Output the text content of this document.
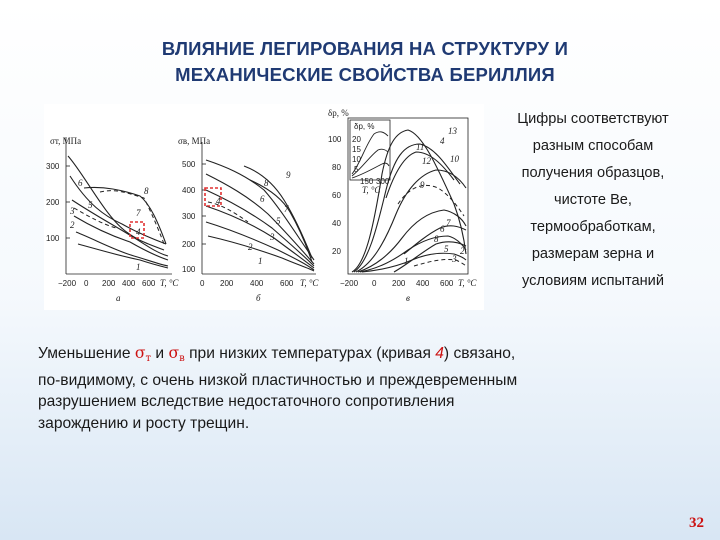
ВЛИЯНИЕ ЛЕГИРОВАНИЯ НА СТРУКТУРУ И
МЕХАНИЧЕСКИЕ СВОЙСТВА БЕРИЛЛИЯ
σт, МПа
300
200
100
−200 0 200 400 600 T, °C
а
1
2
3
4
5
6
7
8
σв, МПа
500
400
300
200
100
0 200 400 600 T, °C
б
1
2
3
4
5
6
7
8
9
δр, %
100
80
60
40
20
−200 0 200 400 600 T, °C
в
δр, %
20
15
10
5
150 300
T, °C
1
2
3
4
5
6
7
8
9
10
11
12
13
Цифры соответствуют
разным способам
получения образцов,
чистоте Be,
термообработкам,
размерам зерна и
условиям испытаний
Уменьшение $\sigma_т$ и $\sigma_в$ при низких температурах (кривая 4) связано,
по-видимому, с очень низкой пластичностью и преждевременным
разрушением вследствие недостаточного сопротивления
зарождению и росту трещин.
32
